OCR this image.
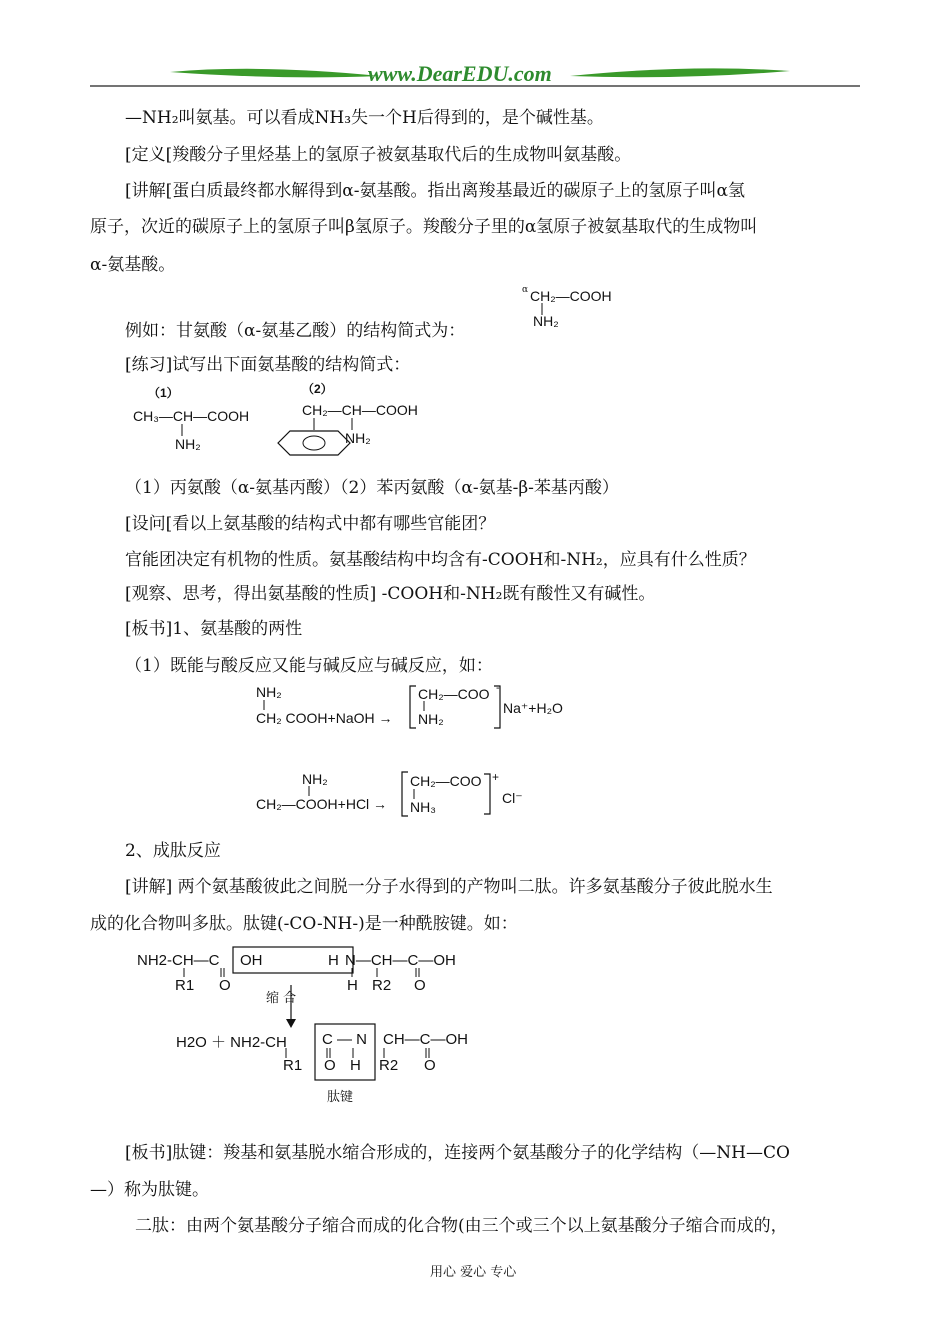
www.DearEDU.com
—NH₂叫氨基。可以看成NH₃失一个H后得到的，是个碱性基。
[定义[羧酸分子里烃基上的氢原子被氨基取代后的生成物叫氨基酸。
[讲解[蛋白质最终都水解得到α-氨基酸。指出离羧基最近的碳原子上的氢原子叫α氢
原子，次近的碳原子上的氢原子叫β氢原子。羧酸分子里的α氢原子被氨基取代的生成物叫
α-氨基酸。
α CH₂—COOH
NH₂
例如：甘氨酸（α-氨基乙酸）的结构简式为：
[练习]试写出下面氨基酸的结构简式：
（1）
CH₃—CH—COOH
NH₂
（2）
CH₂—CH—COOH
NH₂
（1）丙氨酸（α-氨基丙酸）（2）苯丙氨酸（α-氨基-β-苯基丙酸）
[设问[看以上氨基酸的结构式中都有哪些官能团？
官能团决定有机物的性质。氨基酸结构中均含有-COOH和-NH₂，应具有什么性质？
[观察、思考，得出氨基酸的性质] -COOH和-NH₂既有酸性又有碱性。
[板书]1、氨基酸的两性
（1）既能与酸反应又能与碱反应与碱反应，如：
NH₂
CH₂ COOH+NaOH →
CH₂—COO -
NH₂
Na⁺+H₂O
NH₂
CH₂—COOH+HCl →
CH₂—COO +
NH₃
Cl⁻
2、成肽反应
[讲解] 两个氨基酸彼此之间脱一分子水得到的产物叫二肽。许多氨基酸分子彼此脱水生
成的化合物叫多肽。肽键(-CO-NH-)是一种酰胺键。如：
NH2-CH—C OH	H N—CH—C—OH
R1 O	H R2 O
缩 合
H2O ＋ NH2-CH C — N CH—C—OH
R1 O H R2 O
肽键
[板书]肽键：羧基和氨基脱水缩合形成的，连接两个氨基酸分子的化学结构（—NH—CO
—）称为肽键。
二肽：由两个氨基酸分子缩合而成的化合物(由三个或三个以上氨基酸分子缩合而成的，
用心 爱心 专心
